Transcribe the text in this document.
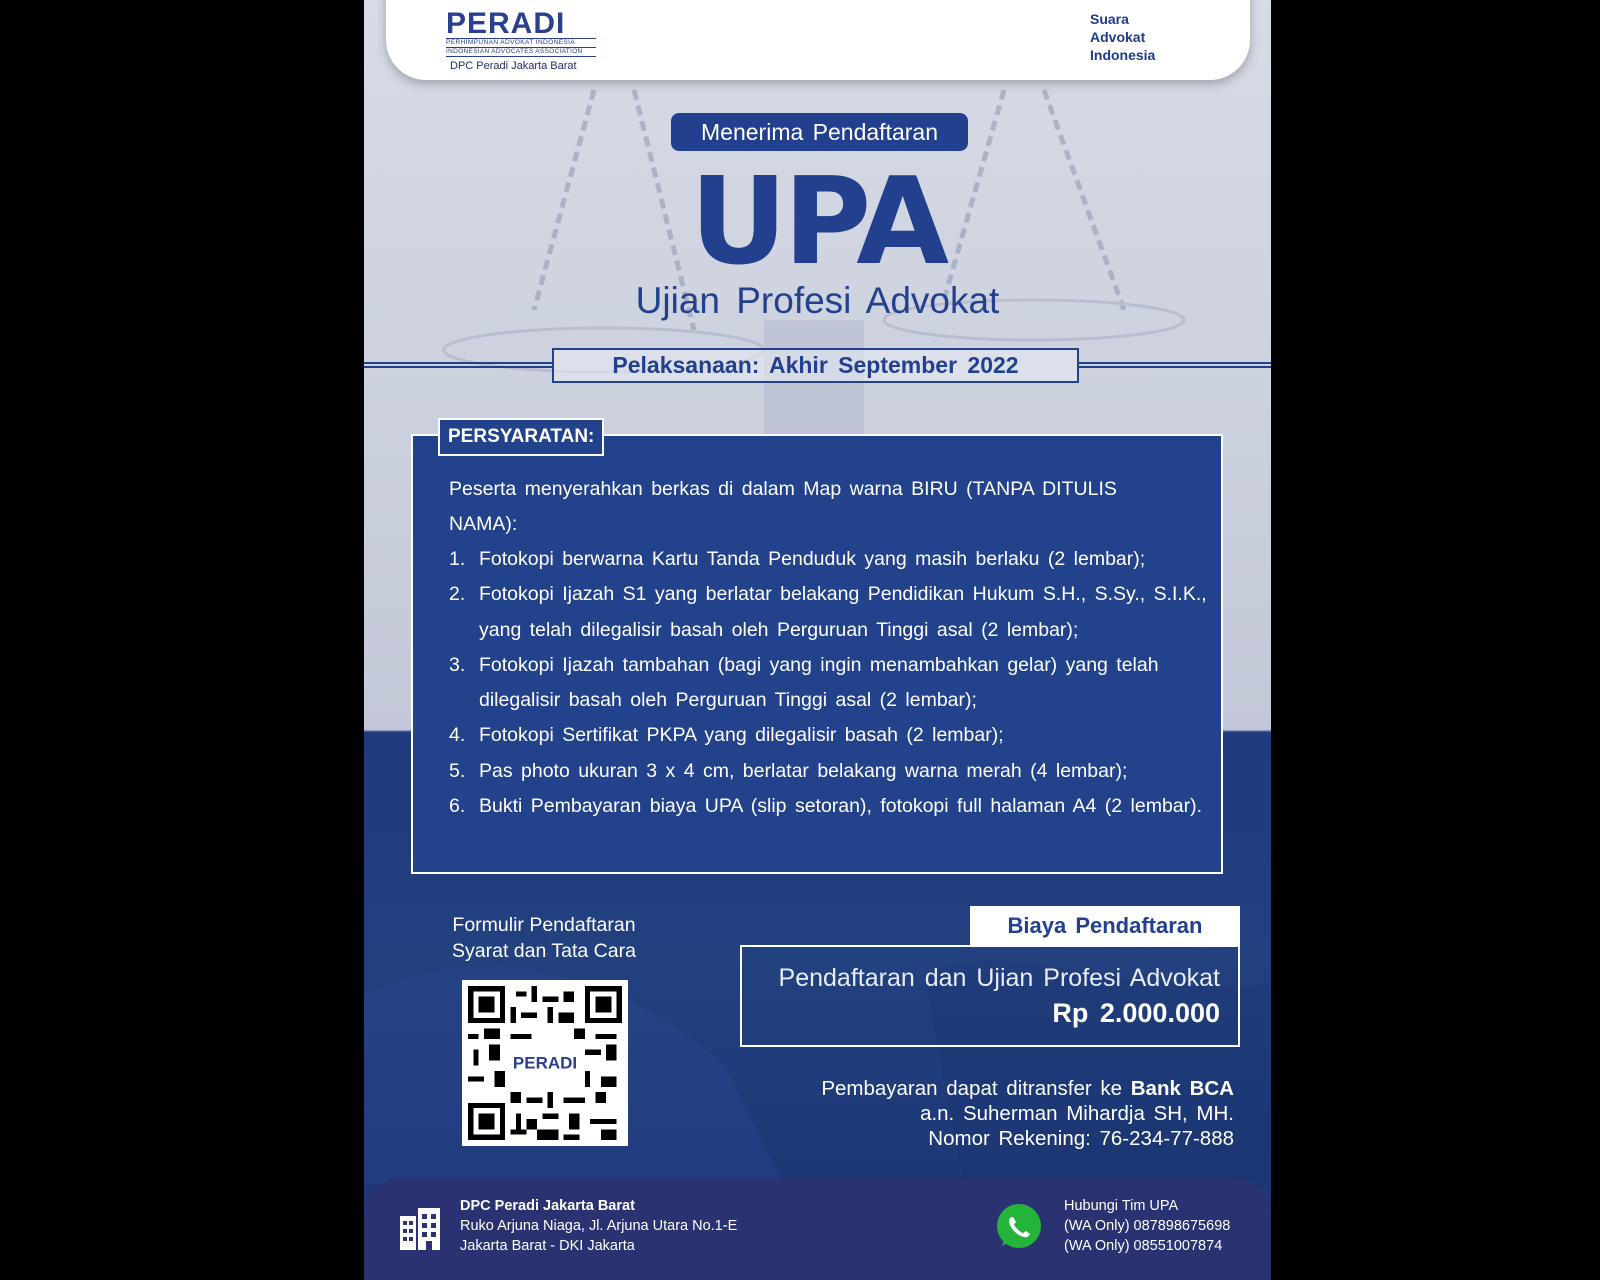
PERADI
PERHIMPUNAN ADVOKAT INDONESIA
INDONESIAN ADVOCATES ASSOCIATION
DPC Peradi Jakarta Barat
Suara
Advokat
Indonesia
Menerima Pendaftaran
UPA
Ujian Profesi Advokat
Pelaksanaan: Akhir September 2022
Peserta menyerahkan berkas di dalam Map warna BIRU (TANPA DITULIS NAMA):
1. Fotokopi berwarna Kartu Tanda Penduduk yang masih berlaku (2 lembar);
2. Fotokopi Ijazah S1 yang berlatar belakang Pendidikan Hukum S.H., S.Sy., S.I.K., yang telah dilegalisir basah oleh Perguruan Tinggi asal (2 lembar);
3. Fotokopi Ijazah tambahan (bagi yang ingin menambahkan gelar) yang telah dilegalisir basah oleh Perguruan Tinggi asal (2 lembar);
4. Fotokopi Sertifikat PKPA yang dilegalisir basah (2 lembar);
5. Pas photo ukuran 3 x 4 cm, berlatar belakang warna merah (4 lembar);
6. Bukti Pembayaran biaya UPA (slip setoran), fotokopi full halaman A4 (2 lembar).
PERSYARATAN:
Formulir Pendaftaran
Syarat dan Tata Cara
PERADI
Biaya Pendaftaran
Pendaftaran dan Ujian Profesi Advokat
Rp 2.000.000
Pembayaran dapat ditransfer ke Bank BCA
a.n. Suherman Mihardja SH, MH.
Nomor Rekening: 76-234-77-888
DPC Peradi Jakarta Barat
Ruko Arjuna Niaga, Jl. Arjuna Utara No.1-E
Jakarta Barat - DKI Jakarta
Hubungi Tim UPA
(WA Only) 087898675698
(WA Only) 08551007874
